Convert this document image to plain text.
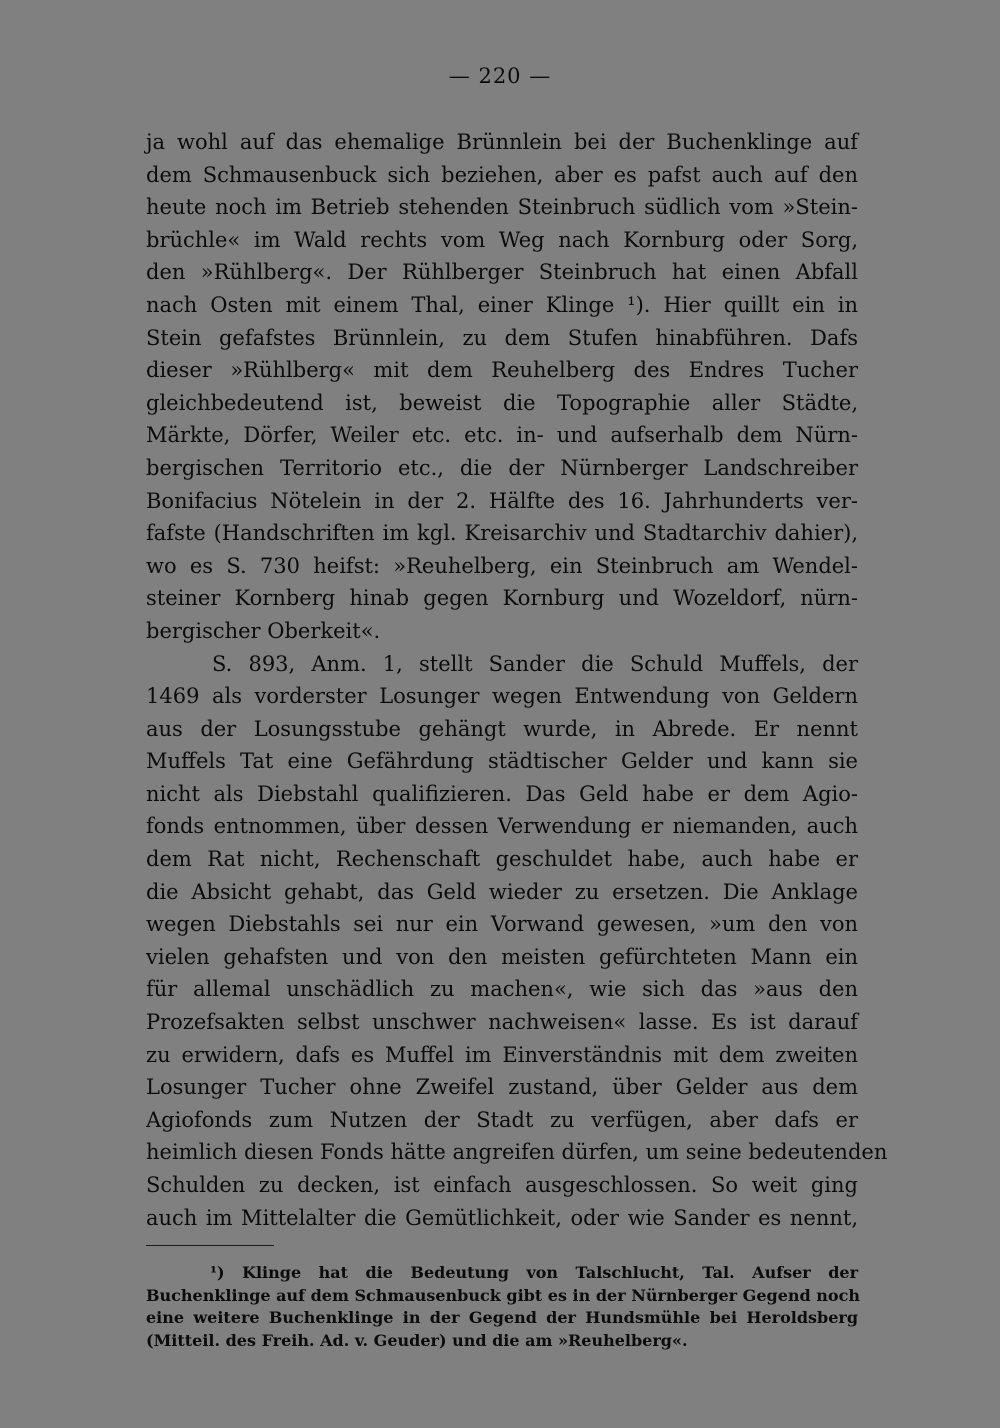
— 220 —
ja wohl auf das ehemalige Brünnlein bei der Buchenklinge auf
dem Schmausenbuck sich beziehen, aber es pafst auch auf den
heute noch im Betrieb stehenden Steinbruch südlich vom »Stein-
brüchle« im Wald rechts vom Weg nach Kornburg oder Sorg,
den »Rühlberg«. Der Rühlberger Steinbruch hat einen Abfall
nach Osten mit einem Thal, einer Klinge ¹). Hier quillt ein in
Stein gefafstes Brünnlein, zu dem Stufen hinabführen. Dafs
dieser »Rühlberg« mit dem Reuhelberg des Endres Tucher
gleichbedeutend ist, beweist die Topographie aller Städte,
Märkte, Dörfer, Weiler etc. etc. in- und aufserhalb dem Nürn-
bergischen Territorio etc., die der Nürnberger Landschreiber
Bonifacius Nötelein in der 2. Hälfte des 16. Jahrhunderts ver-
fafste (Handschriften im kgl. Kreisarchiv und Stadtarchiv dahier),
wo es S. 730 heifst: »Reuhelberg, ein Steinbruch am Wendel-
steiner Kornberg hinab gegen Kornburg und Wozeldorf, nürn-
bergischer Oberkeit«.
S. 893, Anm. 1, stellt Sander die Schuld Muffels, der
1469 als vorderster Losunger wegen Entwendung von Geldern
aus der Losungsstube gehängt wurde, in Abrede. Er nennt
Muffels Tat eine Gefährdung städtischer Gelder und kann sie
nicht als Diebstahl qualifizieren. Das Geld habe er dem Agio-
fonds entnommen, über dessen Verwendung er niemanden, auch
dem Rat nicht, Rechenschaft geschuldet habe, auch habe er
die Absicht gehabt, das Geld wieder zu ersetzen. Die Anklage
wegen Diebstahls sei nur ein Vorwand gewesen, »um den von
vielen gehafsten und von den meisten gefürchteten Mann ein
für allemal unschädlich zu machen«, wie sich das »aus den
Prozefsakten selbst unschwer nachweisen« lasse. Es ist darauf
zu erwidern, dafs es Muffel im Einverständnis mit dem zweiten
Losunger Tucher ohne Zweifel zustand, über Gelder aus dem
Agiofonds zum Nutzen der Stadt zu verfügen, aber dafs er
heimlich diesen Fonds hätte angreifen dürfen, um seine bedeutenden
Schulden zu decken, ist einfach ausgeschlossen. So weit ging
auch im Mittelalter die Gemütlichkeit, oder wie Sander es nennt,
¹) Klinge hat die Bedeutung von Talschlucht, Tal. Aufser der
Buchenklinge auf dem Schmausenbuck gibt es in der Nürnberger Gegend noch
eine weitere Buchenklinge in der Gegend der Hundsmühle bei Heroldsberg
(Mitteil. des Freih. Ad. v. Geuder) und die am »Reuhelberg«.
